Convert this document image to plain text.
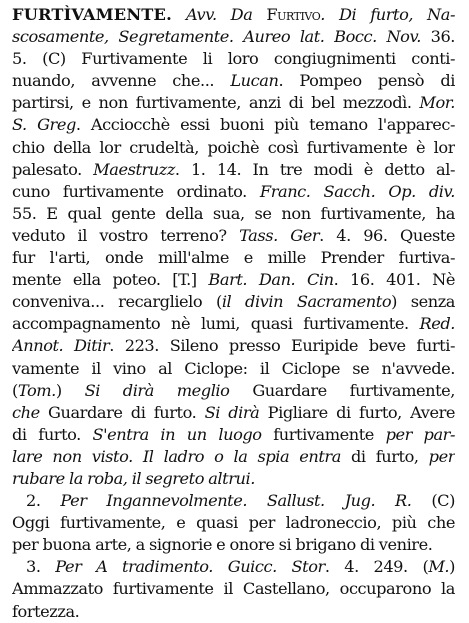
FURTÌVAMENTE. Avv. Da Furtivo. Di furto, Na-
scosamente, Segretamente. Aureo lat. Bocc. Nov. 36.
5. (C) Furtivamente li loro congiugnimenti conti-
nuando, avvenne che... Lucan. Pompeo pensò di
partirsi, e non furtivamente, anzi di bel mezzodì. Mor.
S. Greg. Acciocchè essi buoni più temano l'apparec-
chio della lor crudeltà, poichè così furtivamente è lor
palesato. Maestruzz. 1. 14. In tre modi è detto al-
cuno furtivamente ordinato. Franc. Sacch. Op. div.
55. E qual gente della sua, se non furtivamente, ha
veduto il vostro terreno? Tass. Ger. 4. 96. Queste
fur l'arti, onde mill'alme e mille Prender furtiva-
mente ella poteo. [T.] Bart. Dan. Cin. 16. 401. Nè
conveniva... recarglielo (il divin Sacramento) senza
accompagnamento nè lumi, quasi furtivamente. Red.
Annot. Ditir. 223. Sileno presso Euripide beve furti-
vamente il vino al Ciclope: il Ciclope se n'avvede.
(Tom.) Si dirà meglio Guardare furtivamente,
che Guardare di furto. Si dirà Pigliare di furto, Avere
di furto. S'entra in un luogo furtivamente per par-
lare non visto. Il ladro o la spia entra di furto, per
rubare la roba, il segreto altrui.
2. Per Ingannevolmente. Sallust. Jug. R. (C)
Oggi furtivamente, e quasi per ladroneccio, più che
per buona arte, a signorie e onore si brigano di venire.
3. Per A tradimento. Guicc. Stor. 4. 249. (M.)
Ammazzato furtivamente il Castellano, occuparono la
fortezza.
